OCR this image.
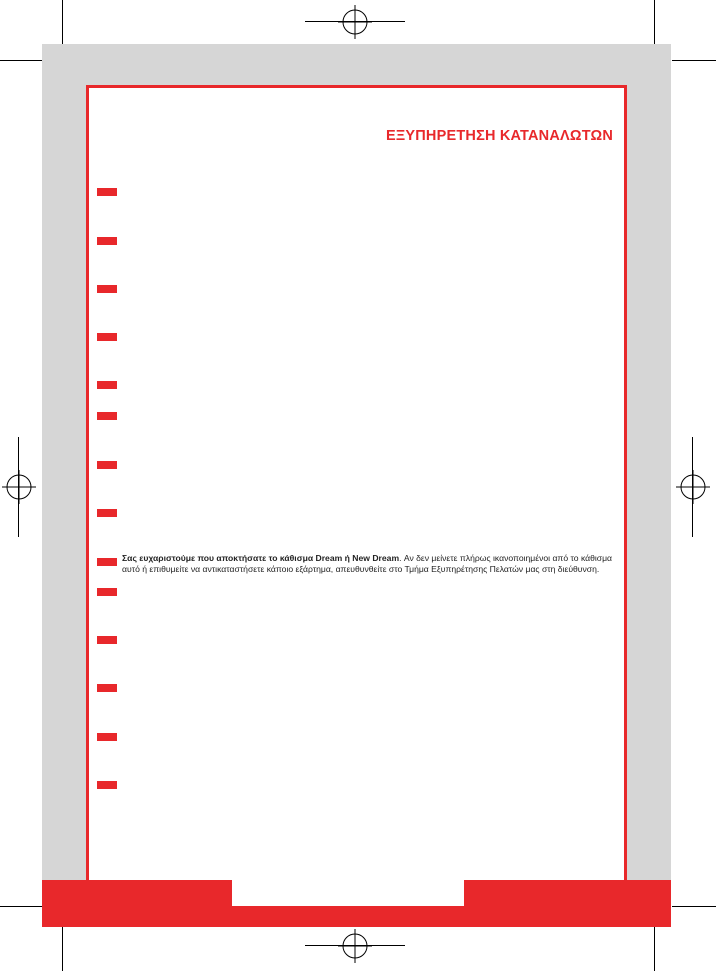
ΕΞΥΠΗΡΕΤΗΣΗ ΚΑΤΑΝΑΛΩΤΩΝ
Σας ευχαριστούμε που αποκτήσατε το κάθισμα Dream ή New Dream. Αν δεν μείνετε πλήρως ικανοποιημένοι από το κάθισμα αυτό ή επιθυμείτε να αντικαταστήσετε κάποιο εξάρτημα, απευθυνθείτε στο Τμήμα Εξυπηρέτησης Πελατών μας στη διεύθυνση.
